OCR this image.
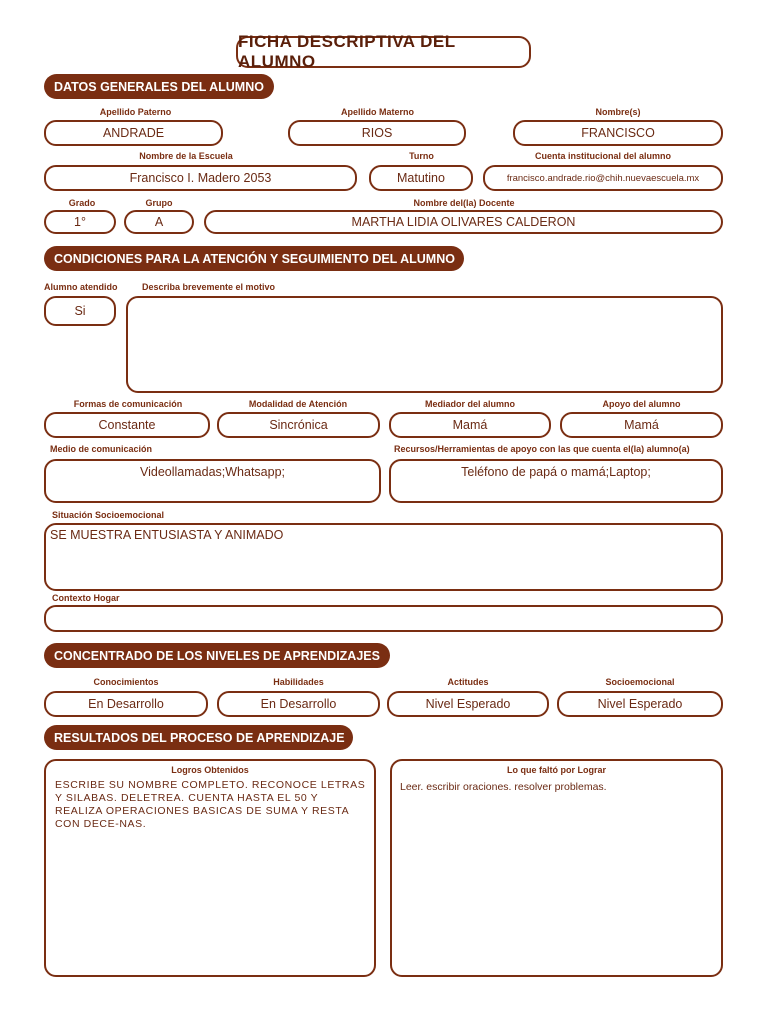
FICHA DESCRIPTIVA DEL ALUMNO
DATOS GENERALES DEL ALUMNO
Apellido Paterno	Apellido Materno	Nombre(s)
ANDRADE	RIOS	FRANCISCO
Nombre de la Escuela	Turno	Cuenta institucional del alumno
Francisco I. Madero 2053	Matutino	francisco.andrade.rio@chih.nuevaescuela.mx
Grado	Grupo	Nombre del(la) Docente
1°	A	MARTHA LIDIA OLIVARES CALDERON
CONDICIONES PARA LA ATENCIÓN Y SEGUIMIENTO DEL ALUMNO
Alumno atendido	Describa brevemente el motivo
Si
Formas de comunicación	Modalidad de Atención	Mediador del alumno	Apoyo del alumno
Constante	Sincrónica	Mamá	Mamá
Medio de comunicación	Recursos/Herramientas de apoyo con las que cuenta el(la) alumno(a)
Videollamadas;Whatsapp;	Teléfono de papá o mamá;Laptop;
Situación Socioemocional
SE MUESTRA ENTUSIASTA Y ANIMADO
Contexto Hogar
CONCENTRADO DE LOS NIVELES DE APRENDIZAJES
Conocimientos	Habilidades	Actitudes	Socioemocional
En Desarrollo	En Desarrollo	Nivel Esperado	Nivel Esperado
RESULTADOS DEL PROCESO DE APRENDIZAJE
Logros Obtenidos
ESCRIBE SU NOMBRE COMPLETO. RECONOCE LETRAS Y SILABAS. DELETREA. CUENTA HASTA EL 50 Y REALIZA OPERACIONES BASICAS DE SUMA Y RESTA CON DECE-NAS.
Lo que faltó por Lograr
Leer. escribir oraciones. resolver problemas.
